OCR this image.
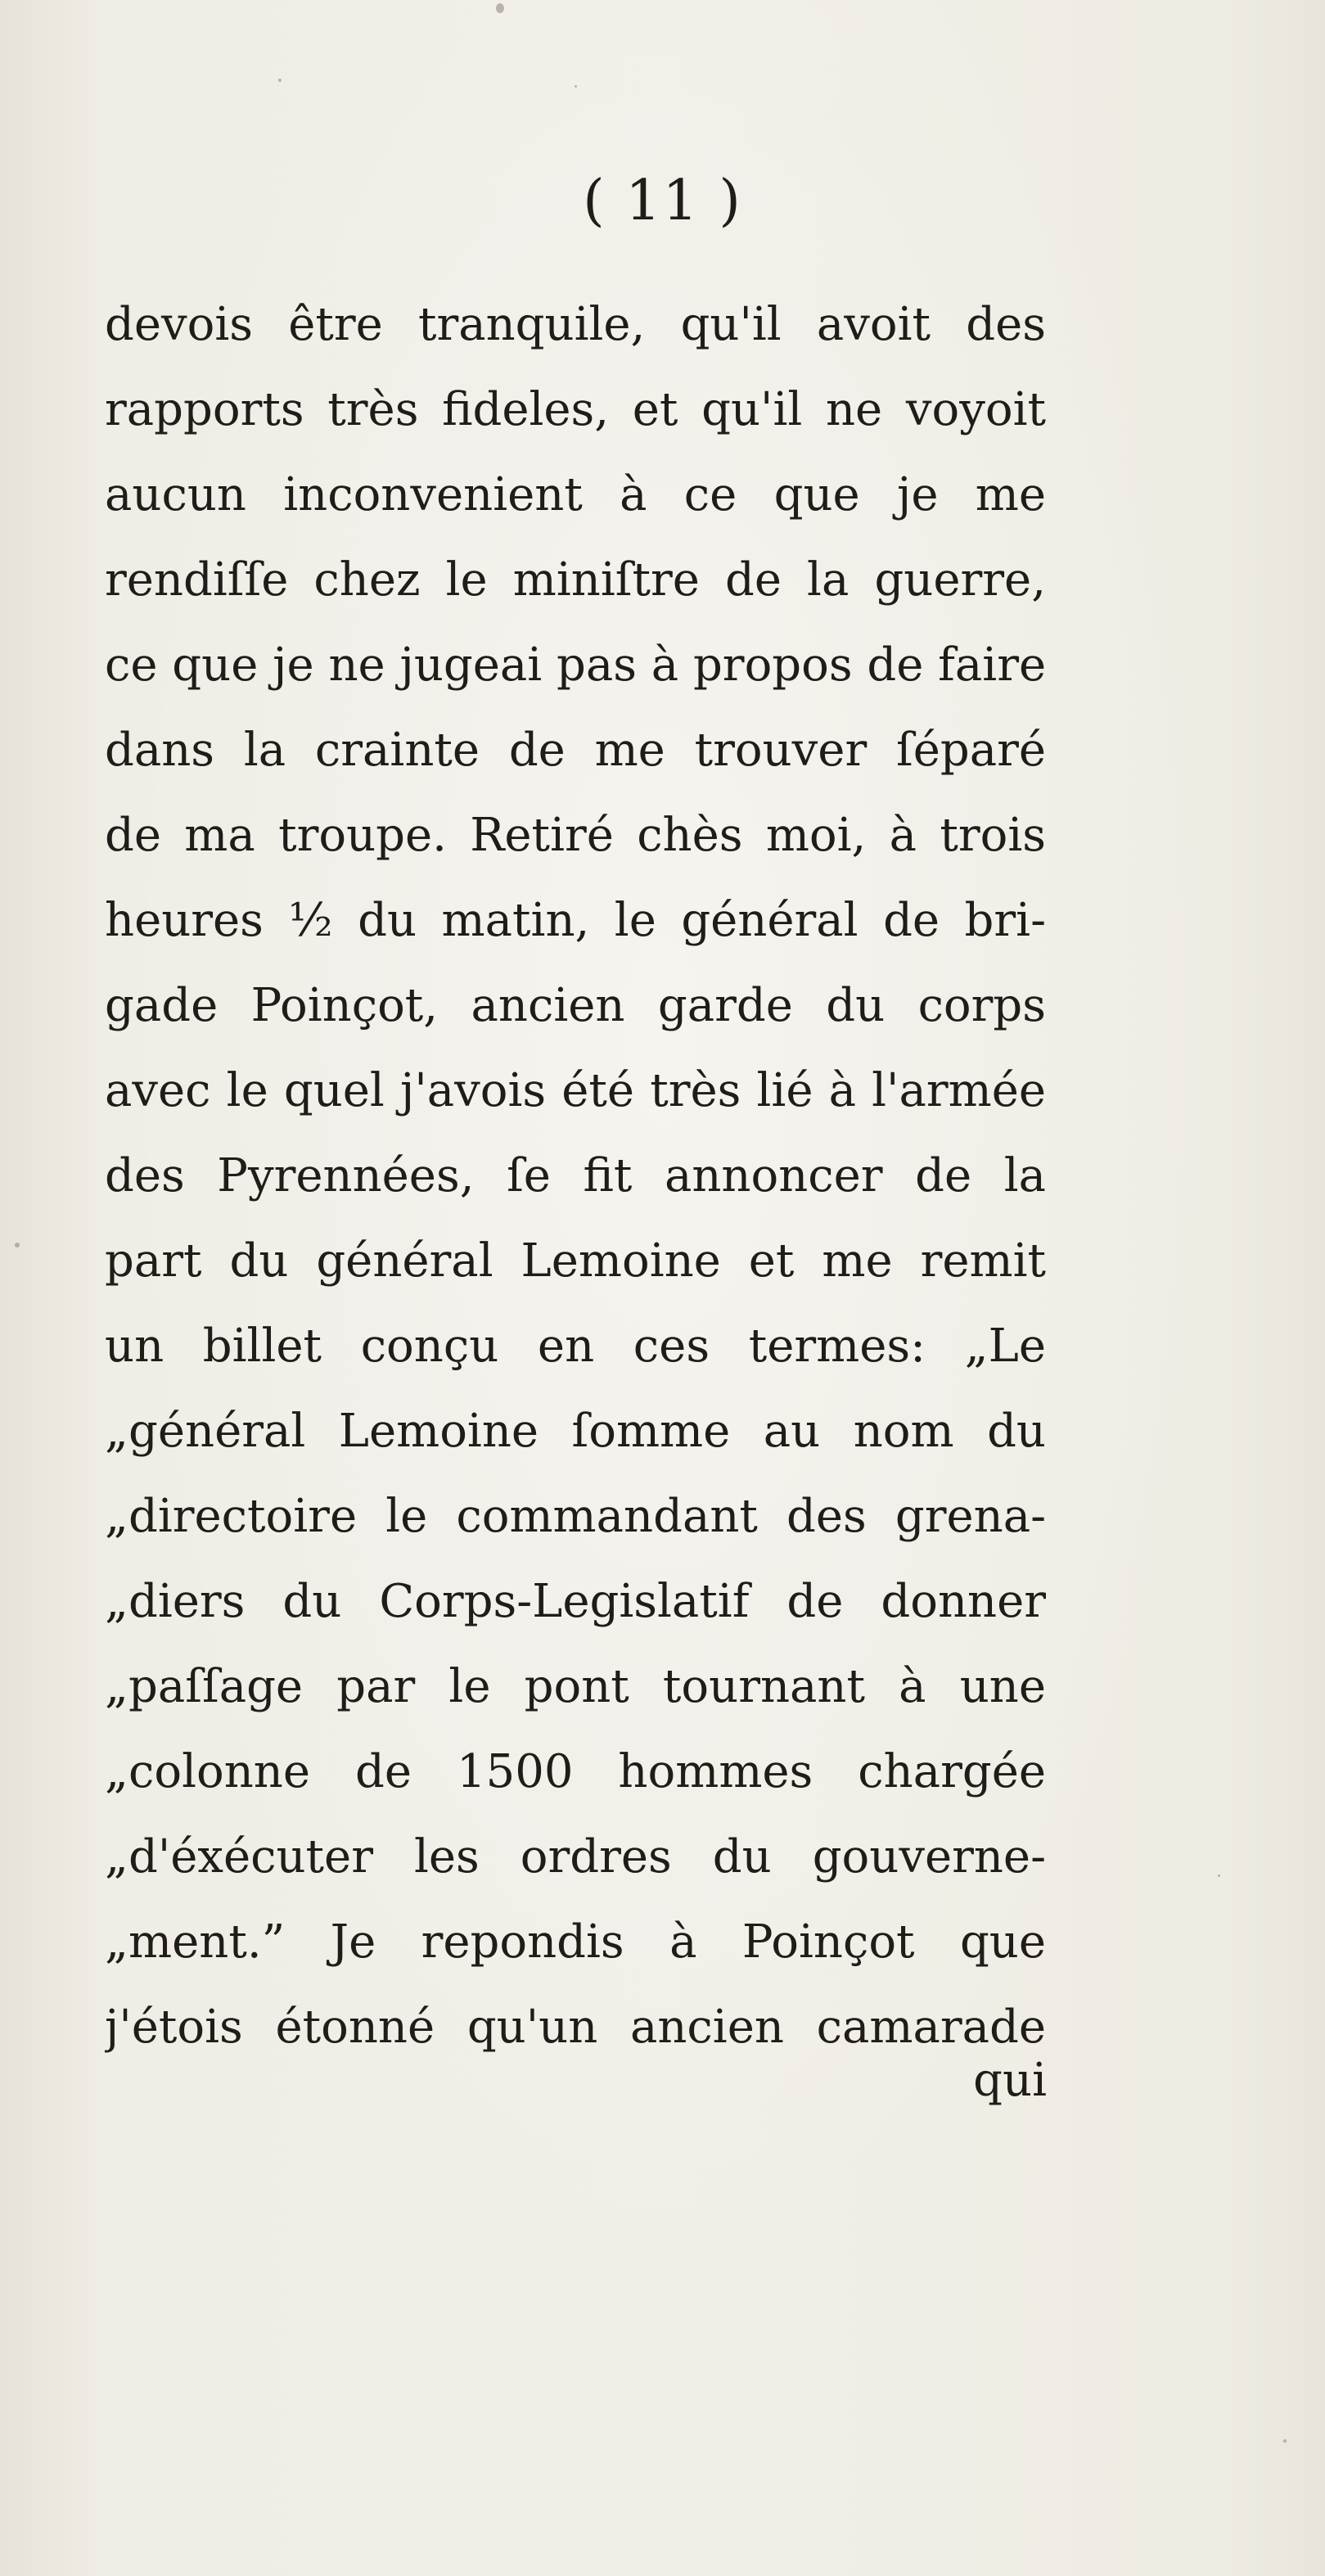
( 11 )
devois être tranquile, qu'il avoit des
rapports très fideles, et qu'il ne voyoit
aucun inconvenient à ce que je me
rendiſſe chez le miniſtre de la guerre,
ce que je ne jugeai pas à propos de faire
dans la crainte de me trouver ſéparé
de ma troupe. Retiré chès moi, à trois
heures ½ du matin, le général de bri-
gade Poinçot, ancien garde du corps
avec le quel j'avois été très lié à l'armée
des Pyrennées, ſe fit annoncer de la
part du général Lemoine et me remit
un billet conçu en ces termes: „Le
„général Lemoine ſomme au nom du
„directoire le commandant des grena-
„diers du Corps-Legislatif de donner
„paſſage par le pont tournant à une
„colonne de 1500 hommes chargée
„d'éxécuter les ordres du gouverne-
„ment.” Je repondis à Poinçot que
j'étois étonné qu'un ancien camarade
qui
